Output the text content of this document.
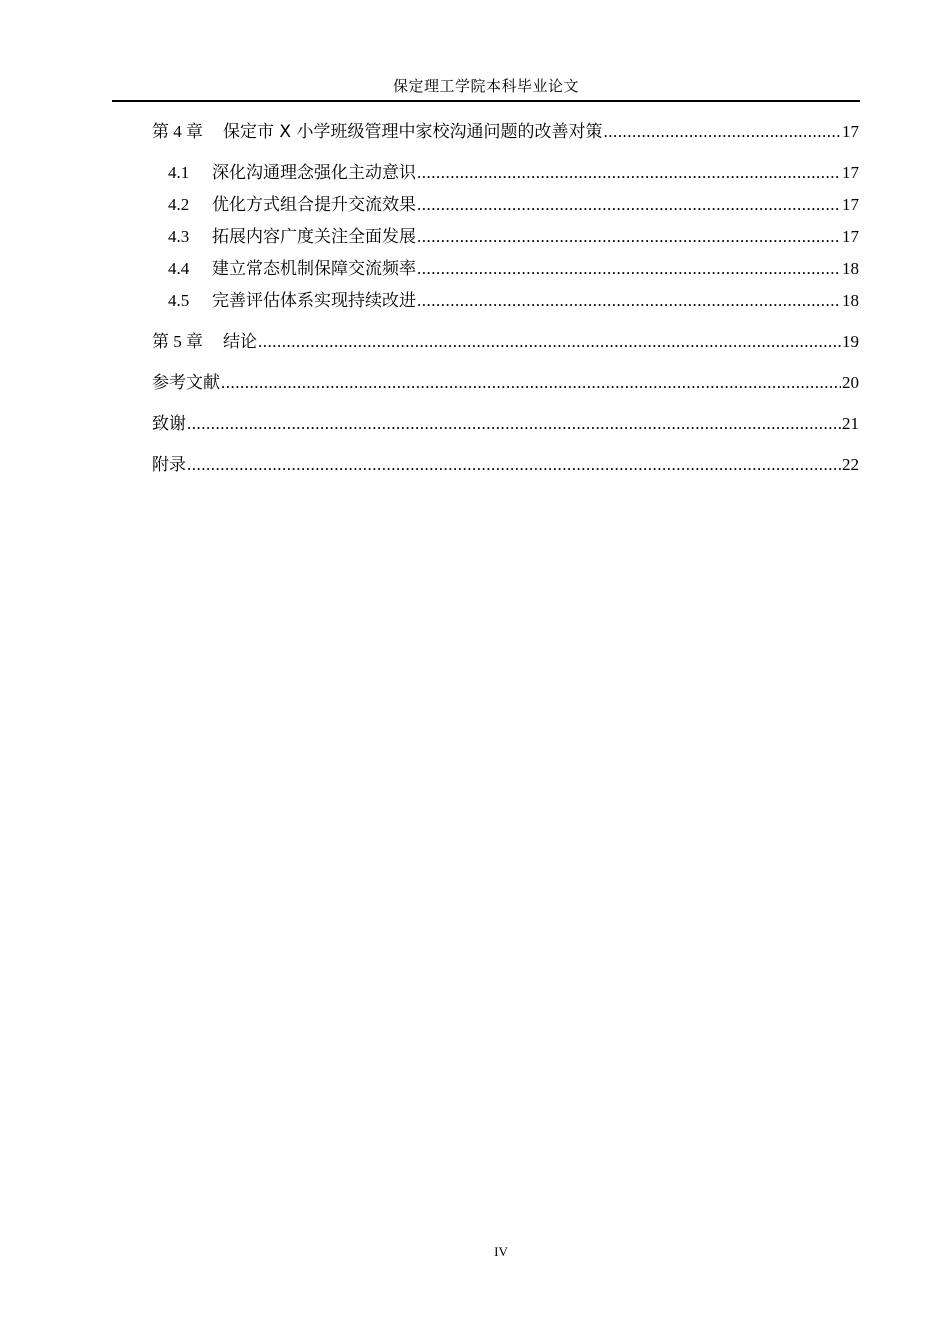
保定理工学院本科毕业论文
第 4 章	保定市 X 小学班级管理中家校沟通问题的改善对策 .....	17
4.1	深化沟通理念强化主动意识 .....	17
4.2	优化方式组合提升交流效果 .....	17
4.3	拓展内容广度关注全面发展 .....	17
4.4	建立常态机制保障交流频率 .....	18
4.5	完善评估体系实现持续改进 .....	18
第 5 章	结论 .....	19
参考文献 .....	20
致谢 .....	21
附录 .....	22
IV
